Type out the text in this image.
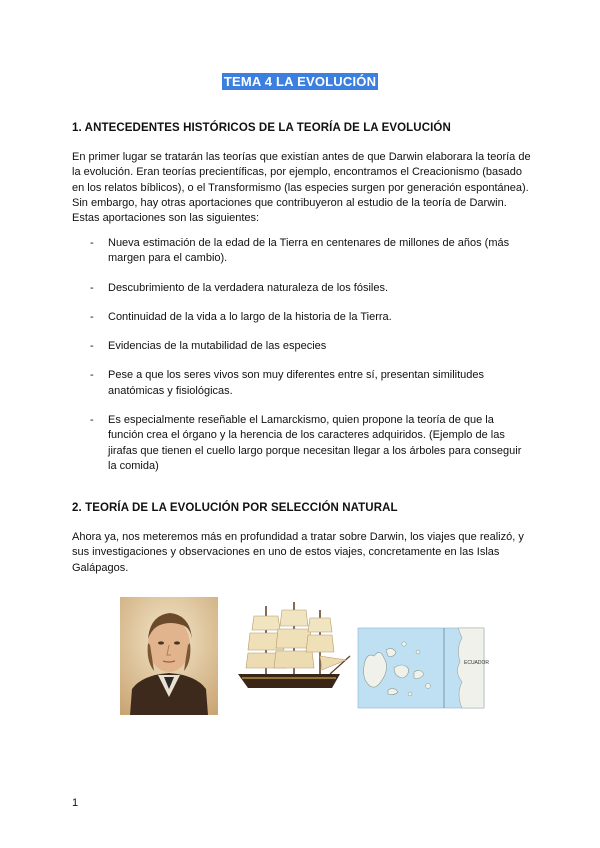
TEMA 4 LA EVOLUCIÓN
1. ANTECEDENTES HISTÓRICOS DE LA TEORÍA DE LA EVOLUCIÓN
En primer lugar se tratarán las teorías que existían antes de que Darwin elaborara la teoría de la evolución. Eran teorías precientíficas, por ejemplo, encontramos el Creacionismo (basado en los relatos bíblicos), o el Transformismo (las especies surgen por generación espontánea). Sin embargo, hay otras aportaciones que contribuyeron al estudio de la teoría de Darwin. Estas aportaciones son las siguientes:
- Nueva estimación de la edad de la Tierra en centenares de millones de años (más margen para el cambio).
- Descubrimiento de la verdadera naturaleza de los fósiles.
- Continuidad de la vida a lo largo de la historia de la Tierra.
- Evidencias de la mutabilidad de las especies
- Pese a que los seres vivos son muy diferentes entre sí, presentan similitudes anatómicas y fisiológicas.
- Es especialmente reseñable el Lamarckismo, quien propone la teoría de que la función crea el órgano y la herencia de los caracteres adquiridos. (Ejemplo de las jirafas que tienen el cuello largo porque necesitan llegar a los árboles para conseguir la comida)
2. TEORÍA DE LA EVOLUCIÓN POR SELECCIÓN NATURAL
Ahora ya, nos meteremos más en profundidad a tratar sobre Darwin, los viajes que realizó, y sus investigaciones y observaciones en uno de estos viajes, concretamente en las Islas Galápagos.
ECUADOR
1
